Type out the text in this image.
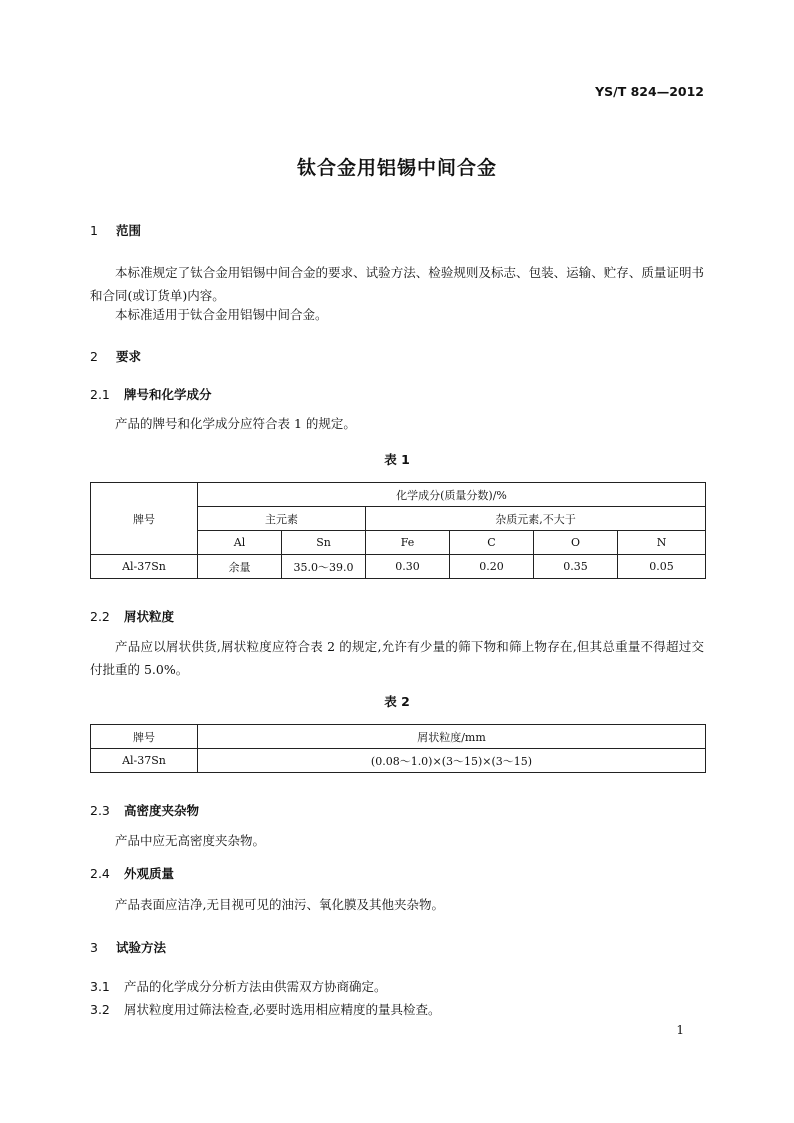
YS/T 824—2012
钛合金用铝锡中间合金
1 范围
本标准规定了钛合金用铝锡中间合金的要求、试验方法、检验规则及标志、包装、运输、贮存、质量证明书和合同(或订货单)内容。
本标准适用于钛合金用铝锡中间合金。
2 要求
2.1 牌号和化学成分
产品的牌号和化学成分应符合表 1 的规定。
表 1
牌号	化学成分(质量分数)/%					
	主元素		杂质元素,不大于			
	Al	Sn	Fe	C	O	N
Al-37Sn	余量	35.0～39.0	0.30	0.20	0.35	0.05
2.2 屑状粒度
产品应以屑状供货,屑状粒度应符合表 2 的规定,允许有少量的筛下物和筛上物存在,但其总重量不得超过交付批重的 5.0%。
表 2
牌号	屑状粒度/mm
Al-37Sn	(0.08～1.0)×(3～15)×(3～15)
2.3 高密度夹杂物
产品中应无高密度夹杂物。
2.4 外观质量
产品表面应洁净,无目视可见的油污、氧化膜及其他夹杂物。
3 试验方法
3.1 产品的化学成分分析方法由供需双方协商确定。
3.2 屑状粒度用过筛法检查,必要时选用相应精度的量具检查。
1
